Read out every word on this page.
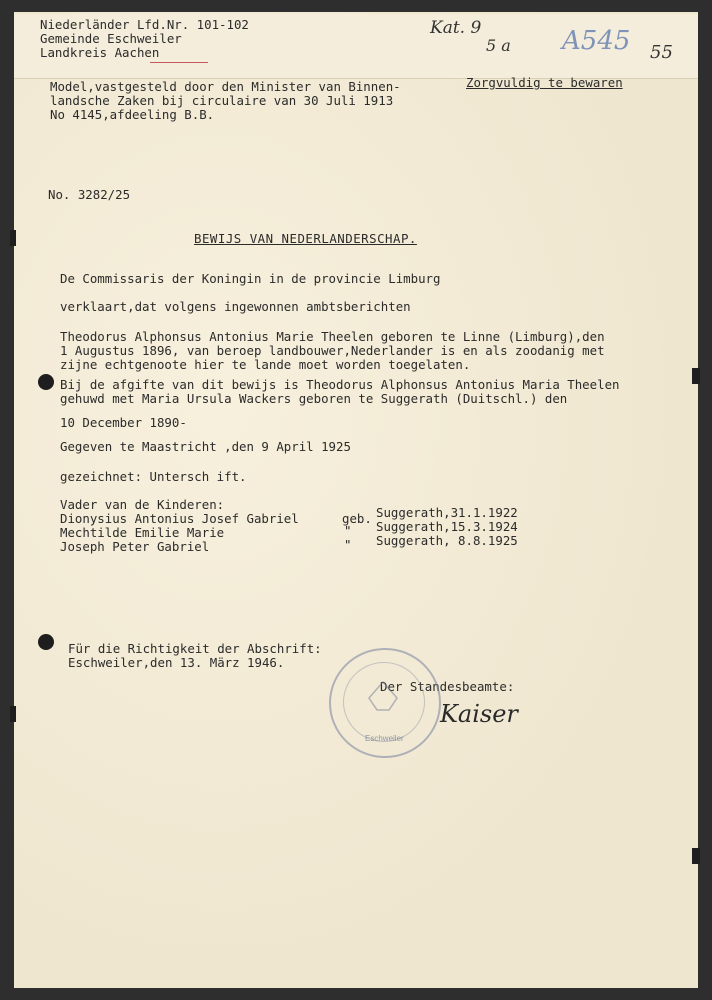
Niederländer Lfd.Nr. 101-102
Gemeinde Eschweiler
Landkreis Aachen
Kat. 9
5 a A545 55
Model,vastgesteld door den Minister van Binnen-
landsche Zaken bij circulaire van 30 Juli 1913
No 4145,afdeeling B.B.
Zorgvuldig te bewaren
No. 3282/25
BEWIJS VAN NEDERLANDERSCHAP.
De Commissaris der Koningin in de provincie Limburg
verklaart,dat volgens ingewonnen ambtsberichten
Theodorus Alphonsus Antonius Marie Theelen geboren te Linne (Limburg),den
1 Augustus 1896, van beroep landbouwer,Nederlander is en als zoodanig met
zijne echtgenoote hier te lande moet worden toegelaten.
Bij de afgifte van dit bewijs is Theodorus Alphonsus Antonius Maria Theelen
gehuwd met Maria Ursula Wackers geboren te Suggerath (Duitschl.) den
10 December 1890-
Gegeven te Maastricht ,den 9 April 1925
gezeichnet: Untersch ift.
Vader van de Kinderen:
Dionysius Antonius Josef Gabriel	geb. Suggerath,31.1.1922
Mechtilde Emilie Marie	" Suggerath,15.3.1924
Joseph Peter Gabriel	" Suggerath, 8.8.1925
Für die Richtigkeit der Abschrift:
Eschweiler,den 13. März 1946.
Der Standesbeamte:
Eschweiler
Kaiser
